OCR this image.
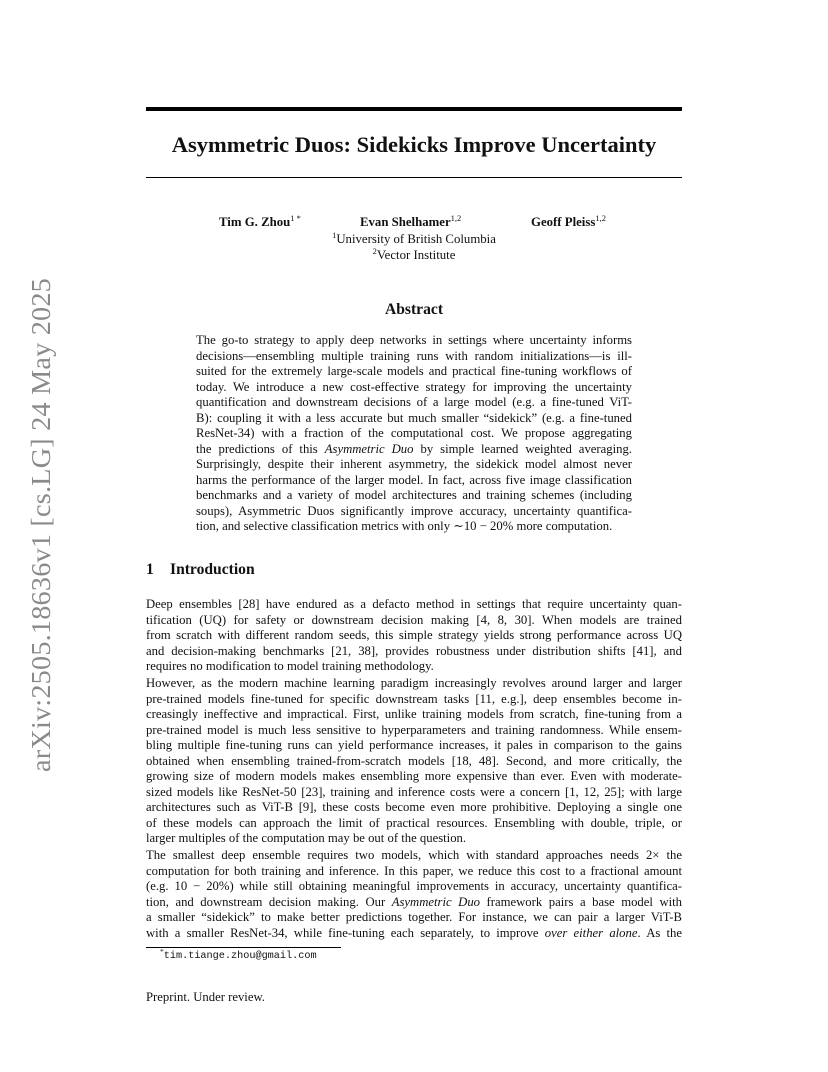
arXiv:2505.18636v1 [cs.LG] 24 May 2025
Asymmetric Duos: Sidekicks Improve Uncertainty
Tim G. Zhou$^{1 *}$	Evan Shelhamer$^{1,2}$	Geoff Pleiss$^{1,2}$
$^1$University of British Columbia
$^2$Vector Institute
Abstract
The go-to strategy to apply deep networks in settings where uncertainty informs
decisions—ensembling multiple training runs with random initializations—is ill-
suited for the extremely large-scale models and practical fine-tuning workflows of
today. We introduce a new cost-effective strategy for improving the uncertainty
quantification and downstream decisions of a large model (e.g. a fine-tuned ViT-
B): coupling it with a less accurate but much smaller “sidekick” (e.g. a fine-tuned
ResNet-34) with a fraction of the computational cost. We propose aggregating
the predictions of this Asymmetric Duo by simple learned weighted averaging.
Surprisingly, despite their inherent asymmetry, the sidekick model almost never
harms the performance of the larger model. In fact, across five image classification
benchmarks and a variety of model architectures and training schemes (including
soups), Asymmetric Duos significantly improve accuracy, uncertainty quantifica-
tion, and selective classification metrics with only ∼10 − 20% more computation.
1 Introduction
Deep ensembles [28] have endured as a defacto method in settings that require uncertainty quan-
tification (UQ) for safety or downstream decision making [4, 8, 30]. When models are trained
from scratch with different random seeds, this simple strategy yields strong performance across UQ
and decision-making benchmarks [21, 38], provides robustness under distribution shifts [41], and
requires no modification to model training methodology.
However, as the modern machine learning paradigm increasingly revolves around larger and larger
pre-trained models fine-tuned for specific downstream tasks [11, e.g.], deep ensembles become in-
creasingly ineffective and impractical. First, unlike training models from scratch, fine-tuning from a
pre-trained model is much less sensitive to hyperparameters and training randomness. While ensem-
bling multiple fine-tuning runs can yield performance increases, it pales in comparison to the gains
obtained when ensembling trained-from-scratch models [18, 48]. Second, and more critically, the
growing size of modern models makes ensembling more expensive than ever. Even with moderate-
sized models like ResNet-50 [23], training and inference costs were a concern [1, 12, 25]; with large
architectures such as ViT-B [9], these costs become even more prohibitive. Deploying a single one
of these models can approach the limit of practical resources. Ensembling with double, triple, or
larger multiples of the computation may be out of the question.
The smallest deep ensemble requires two models, which with standard approaches needs 2× the
computation for both training and inference. In this paper, we reduce this cost to a fractional amount
(e.g. 10 − 20%) while still obtaining meaningful improvements in accuracy, uncertainty quantifica-
tion, and downstream decision making. Our Asymmetric Duo framework pairs a base model with
a smaller “sidekick” to make better predictions together. For instance, we can pair a larger ViT-B
with a smaller ResNet-34, while fine-tuning each separately, to improve over either alone. As the
*tim.tiange.zhou@gmail.com
Preprint. Under review.
